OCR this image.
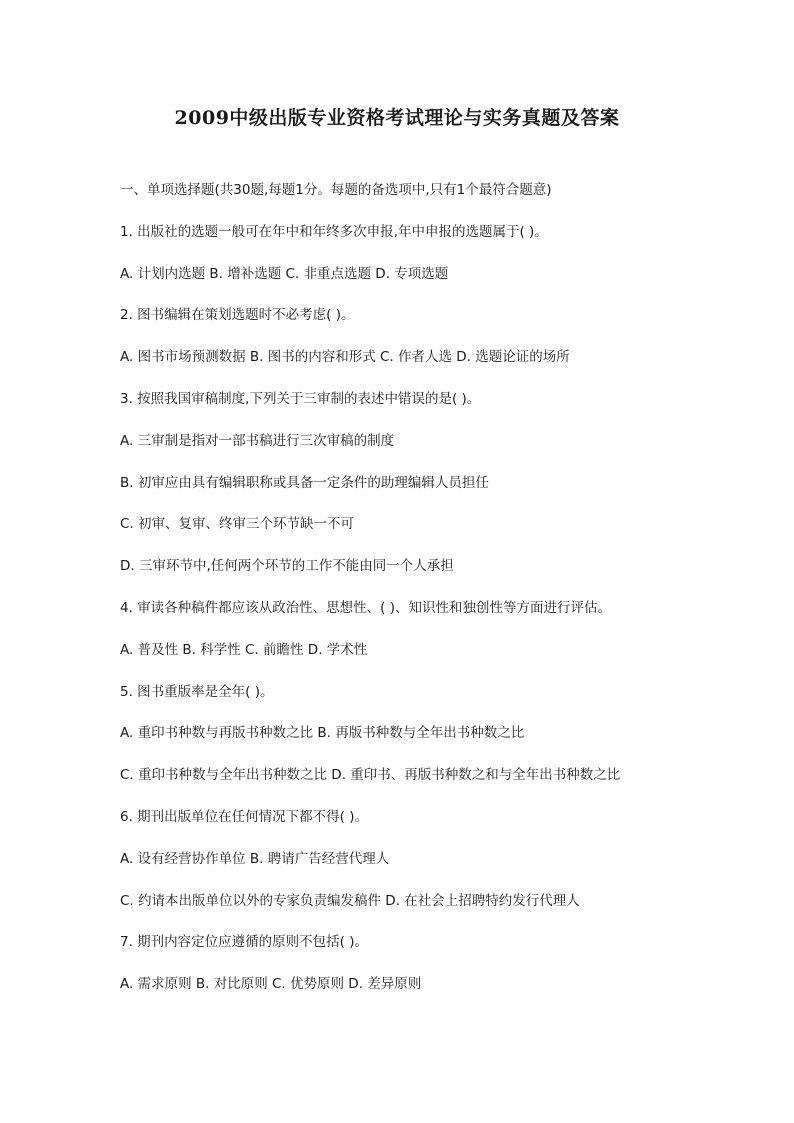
2009中级出版专业资格考试理论与实务真题及答案
一、单项选择题(共30题,每题1分。每题的备选项中,只有1个最符合题意)
1. 出版社的选题一般可在年中和年终多次申报,年中申报的选题属于( )。
A. 计划内选题 B. 增补选题 C. 非重点选题 D. 专项选题
2. 图书编辑在策划选题时不必考虑( )。
A. 图书市场预测数据 B. 图书的内容和形式 C. 作者人选 D. 选题论证的场所
3. 按照我国审稿制度,下列关于三审制的表述中错误的是( )。
A. 三审制是指对一部书稿进行三次审稿的制度
B. 初审应由具有编辑职称或具备一定条件的助理编辑人员担任
C. 初审、复审、终审三个环节缺一不可
D. 三审环节中,任何两个环节的工作不能由同一个人承担
4. 审读各种稿件都应该从政治性、思想性、( )、知识性和独创性等方面进行评估。
A. 普及性 B. 科学性 C. 前瞻性 D. 学术性
5. 图书重版率是全年( )。
A. 重印书种数与再版书种数之比 B. 再版书种数与全年出书种数之比
C. 重印书种数与全年出书种数之比 D. 重印书、再版书种数之和与全年出书种数之比
6. 期刊出版单位在任何情况下都不得( )。
A. 设有经营协作单位 B. 聘请广告经营代理人
C. 约请本出版单位以外的专家负责编发稿件 D. 在社会上招聘特约发行代理人
7. 期刊内容定位应遵循的原则不包括( )。
A. 需求原则 B. 对比原则 C. 优势原则 D. 差异原则
